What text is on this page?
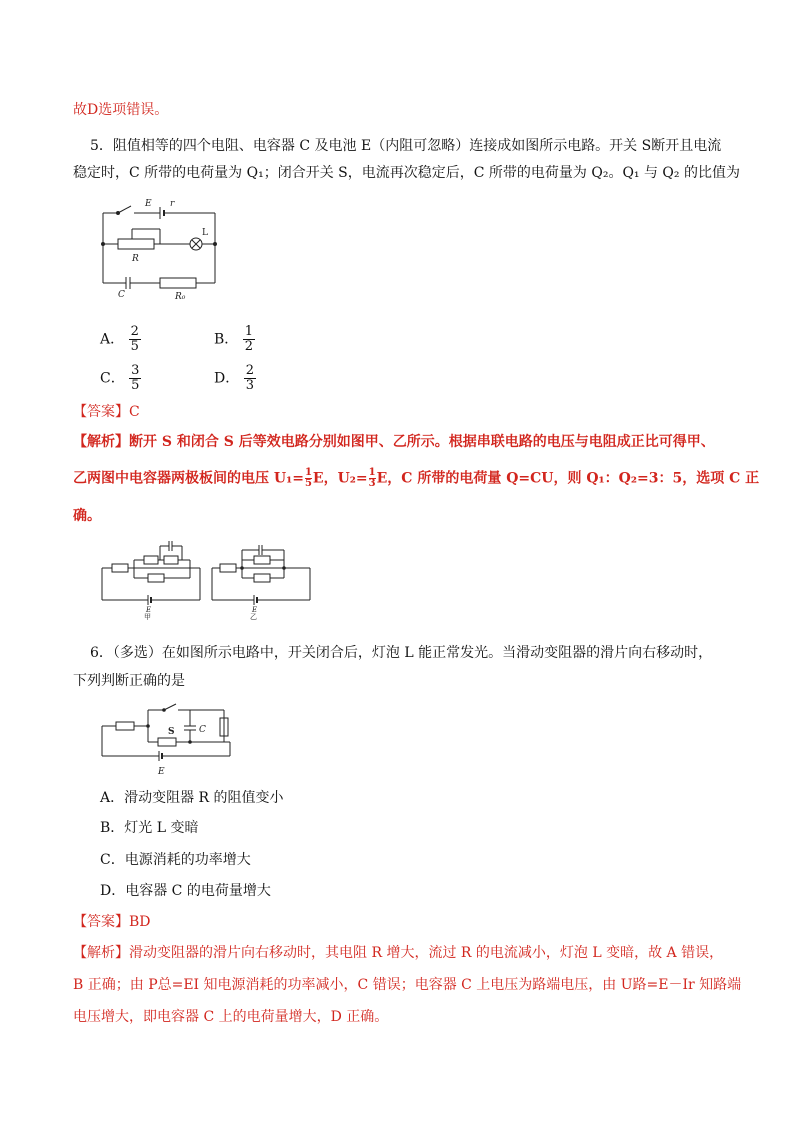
故D选项错误。
5．阻值相等的四个电阻、电容器 C 及电池 E（内阻可忽略）连接成如图所示电路。开关 S断开且电流
稳定时，C 所带的电荷量为 Q₁；闭合开关 S，电流再次稳定后，C 所带的电荷量为 Q₂。Q₁ 与 Q₂ 的比值为
E r
L
R
C	R₀
A． $\frac{2}{5}$	B． $\frac{1}{2}$
C． $\frac{3}{5}$	D． $\frac{2}{3}$
【答案】C
【解析】断开 S 和闭合 S 后等效电路分别如图甲、乙所示。根据串联电路的电压与电阻成正比可得甲、
乙两图中电容器两极板间的电压 $U_1= \frac{1}{5}$ E，$U_2= \frac{1}{3}$ E，C 所带的电荷量 Q=CU，则 Q₁：Q₂=3：5，选项 C 正
确。
E
甲
E
乙
6．（多选）在如图所示电路中，开关闭合后，灯泡 L 能正常发光。当滑动变阻器的滑片向右移动时，
下列判断正确的是
S	C
E
A．滑动变阻器 R 的阻值变小
B．灯光 L 变暗
C．电源消耗的功率增大
D．电容器 C 的电荷量增大
【答案】BD
【解析】滑动变阻器的滑片向右移动时，其电阻 R 增大，流过 R 的电流减小，灯泡 L 变暗，故 A 错误，
B 正确；由 P总=EI 知电源消耗的功率减小，C 错误；电容器 C 上电压为路端电压，由 U路=E－Ir 知路端
电压增大，即电容器 C 上的电荷量增大，D 正确。
